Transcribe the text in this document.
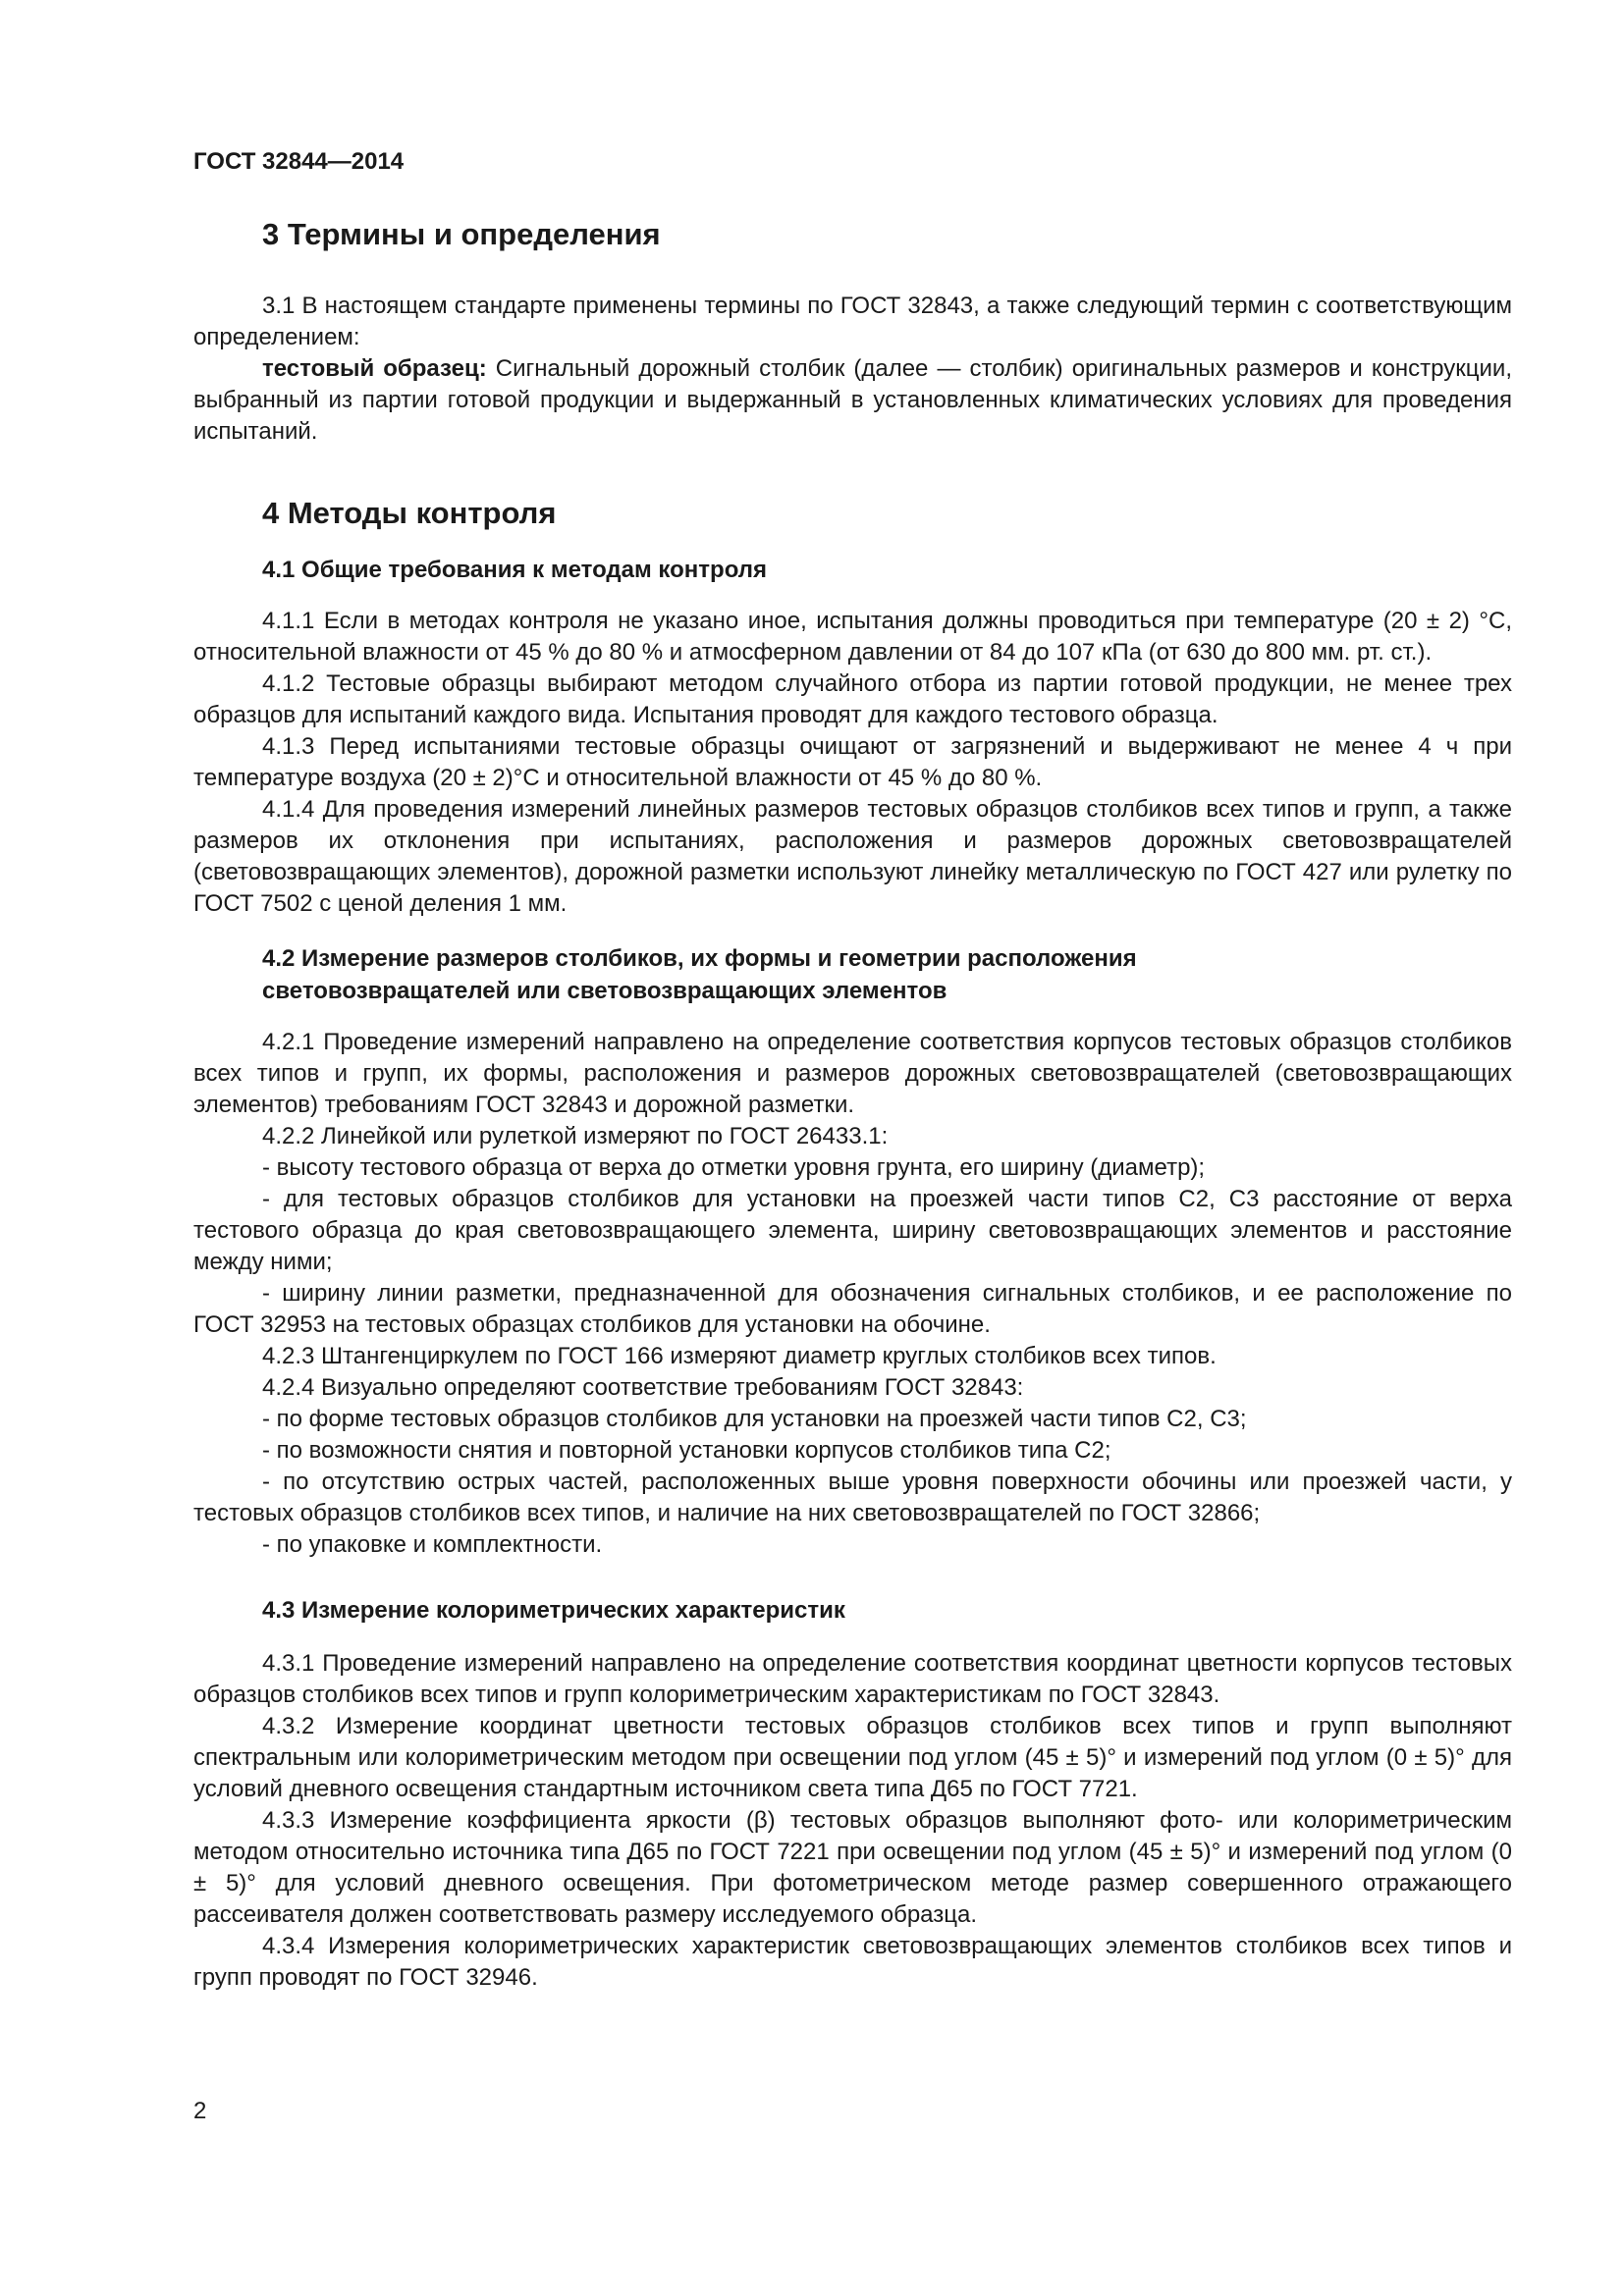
ГОСТ 32844—2014

3 Термины и определения

3.1 В настоящем стандарте применены термины по ГОСТ 32843, а также следующий термин с соответствующим определением:

тестовый образец: Сигнальный дорожный столбик (далее — столбик) оригинальных размеров и конструкции, выбранный из партии готовой продукции и выдержанный в установленных климатических условиях для проведения испытаний.

4 Методы контроля
4.1 Общие требования к методам контроля

4.1.1 Если в методах контроля не указано иное, испытания должны проводиться при температуре (20 ± 2) °С, относительной влажности от 45 % до 80 % и атмосферном давлении от 84 до 107 кПа (от 630 до 800 мм. рт. ст.).

4.1.2 Тестовые образцы выбирают методом случайного отбора из партии готовой продукции, не менее трех образцов для испытаний каждого вида. Испытания проводят для каждого тестового образца.

4.1.3 Перед испытаниями тестовые образцы очищают от загрязнений и выдерживают не менее 4 ч при температуре воздуха (20 ± 2)°С и относительной влажности от 45 % до 80 %.

4.1.4 Для проведения измерений линейных размеров тестовых образцов столбиков всех типов и групп, а также размеров их отклонения при испытаниях, расположения и размеров дорожных световозвращателей (световозвращающих элементов), дорожной разметки используют линейку металлическую по ГОСТ 427 или рулетку по ГОСТ 7502 с ценой деления 1 мм.

4.2 Измерение размеров столбиков, их формы и геометрии расположения
световозвращателей или световозвращающих элементов

4.2.1 Проведение измерений направлено на определение соответствия корпусов тестовых образцов столбиков всех типов и групп, их формы, расположения и размеров дорожных световозвращателей (световозвращающих элементов) требованиям ГОСТ 32843 и дорожной разметки.

4.2.2 Линейкой или рулеткой измеряют по ГОСТ 26433.1:

- высоту тестового образца от верха до отметки уровня грунта, его ширину (диаметр);

- для тестовых образцов столбиков для установки на проезжей части типов С2, С3 расстояние от верха тестового образца до края световозвращающего элемента, ширину световозвращающих элементов и расстояние между ними;

- ширину линии разметки, предназначенной для обозначения сигнальных столбиков, и ее расположение по ГОСТ 32953 на тестовых образцах столбиков для установки на обочине.

4.2.3 Штангенциркулем по ГОСТ 166 измеряют диаметр круглых столбиков всех типов.

4.2.4 Визуально определяют соответствие требованиям ГОСТ 32843:

- по форме тестовых образцов столбиков для установки на проезжей части типов С2, С3;

- по возможности снятия и повторной установки корпусов столбиков типа С2;

- по отсутствию острых частей, расположенных выше уровня поверхности обочины или проезжей части, у тестовых образцов столбиков всех типов, и наличие на них световозвращателей по ГОСТ 32866;

- по упаковке и комплектности.

4.3 Измерение колориметрических характеристик

4.3.1 Проведение измерений направлено на определение соответствия координат цветности корпусов тестовых образцов столбиков всех типов и групп колориметрическим характеристикам по ГОСТ 32843.

4.3.2 Измерение координат цветности тестовых образцов столбиков всех типов и групп выполняют спектральным или колориметрическим методом при освещении под углом (45 ± 5)° и измерений под углом (0 ± 5)° для условий дневного освещения стандартным источником света типа Д65 по ГОСТ 7721.

4.3.3 Измерение коэффициента яркости (β) тестовых образцов выполняют фото- или колориметрическим методом относительно источника типа Д65 по ГОСТ 7221 при освещении под углом (45 ± 5)° и измерений под углом (0 ± 5)° для условий дневного освещения. При фотометрическом методе размер совершенного отражающего рассеивателя должен соответствовать размеру исследуемого образца.

4.3.4 Измерения колориметрических характеристик световозвращающих элементов столбиков всех типов и групп проводят по ГОСТ 32946.

2
